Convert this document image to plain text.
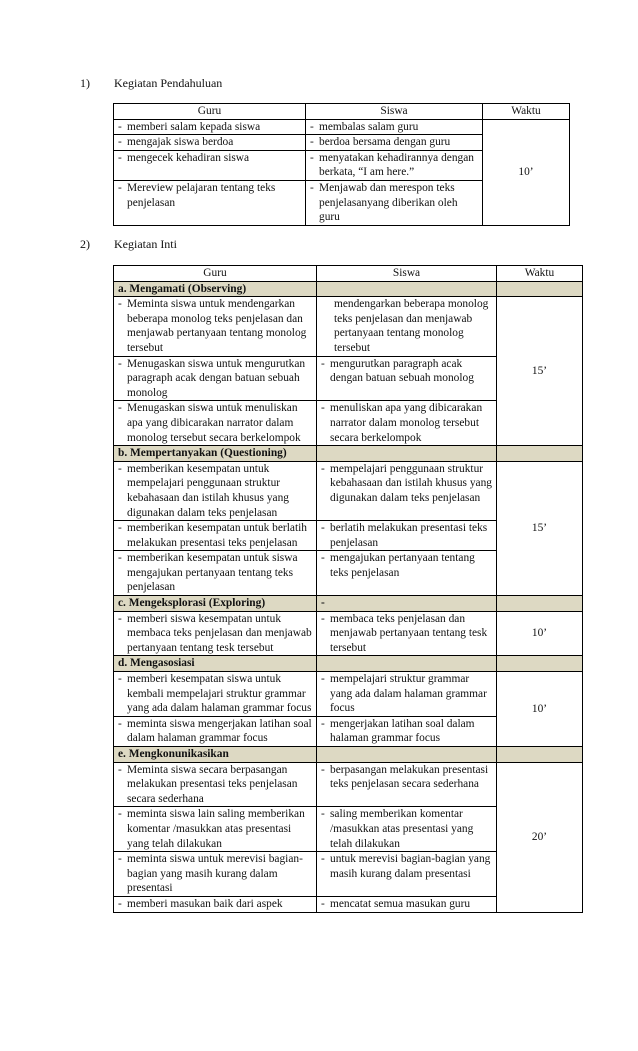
1) Kegiatan Pendahuluan
Guru	Siswa	Waktu

- memberi salam kepada siswa	- membalas salam guru	10’

- mengajak siswa berdoa	- berdoa bersama dengan guru	

- mengecek kehadiran siswa	- menyatakan kehadirannya dengan berkata, “I am here.”	

- Mereview pelajaran tentang teks penjelasan	- Menjawab dan merespon teks penjelasanyang diberikan oleh guru	
2) Kegiatan Inti
Guru	Siswa	Waktu
a. Mengamati (Observing)		

- Meminta siswa untuk mendengarkan beberapa monolog teks penjelasan dan menjawab pertanyaan tentang monolog tersebut	mendengarkan beberapa monolog teks penjelasan dan menjawab pertanyaan tentang monolog tersebut	15’

- Menugaskan siswa untuk mengurutkan paragraph acak dengan batuan sebuah monolog	- mengurutkan paragraph acak dengan batuan sebuah monolog	

- Menugaskan siswa untuk menuliskan apa yang dibicarakan narrator dalam monolog tersebut secara berkelompok	- menuliskan apa yang dibicarakan narrator dalam monolog tersebut secara berkelompok	

b. Mempertanyakan (Questioning)		

- memberikan kesempatan untuk mempelajari penggunaan struktur kebahasaan dan istilah khusus yang digunakan dalam teks penjelasan	- mempelajari penggunaan struktur kebahasaan dan istilah khusus yang digunakan dalam teks penjelasan	15’

- memberikan kesempatan untuk berlatih melakukan presentasi teks penjelasan	- berlatih melakukan presentasi teks penjelasan	

- memberikan kesempatan untuk siswa mengajukan pertanyaan tentang teks penjelasan	- mengajukan pertanyaan tentang teks penjelasan	

c. Mengeksplorasi (Exploring)	-	

- memberi siswa kesempatan untuk membaca teks penjelasan dan menjawab pertanyaan tentang tesk tersebut	- membaca teks penjelasan dan menjawab pertanyaan tentang tesk tersebut	10’
d. Mengasosiasi		

- memberi kesempatan siswa untuk kembali mempelajari struktur grammar yang ada dalam halaman grammar focus	- mempelajari struktur grammar yang ada dalam halaman grammar focus	10’

- meminta siswa mengerjakan latihan soal dalam halaman grammar focus	- mengerjakan latihan soal dalam halaman grammar focus	

e. Mengkonunikasikan		

- Meminta siswa secara berpasangan melakukan presentasi teks penjelasan secara sederhana	- berpasangan melakukan presentasi teks penjelasan secara sederhana	20’

- meminta siswa lain saling memberikan komentar /masukkan atas presentasi yang telah dilakukan	- saling memberikan komentar /masukkan atas presentasi yang telah dilakukan	

- meminta siswa untuk merevisi bagian-bagian yang masih kurang dalam presentasi	- untuk merevisi bagian-bagian yang masih kurang dalam presentasi	

- memberi masukan baik dari aspek	- mencatat semua masukan guru	
